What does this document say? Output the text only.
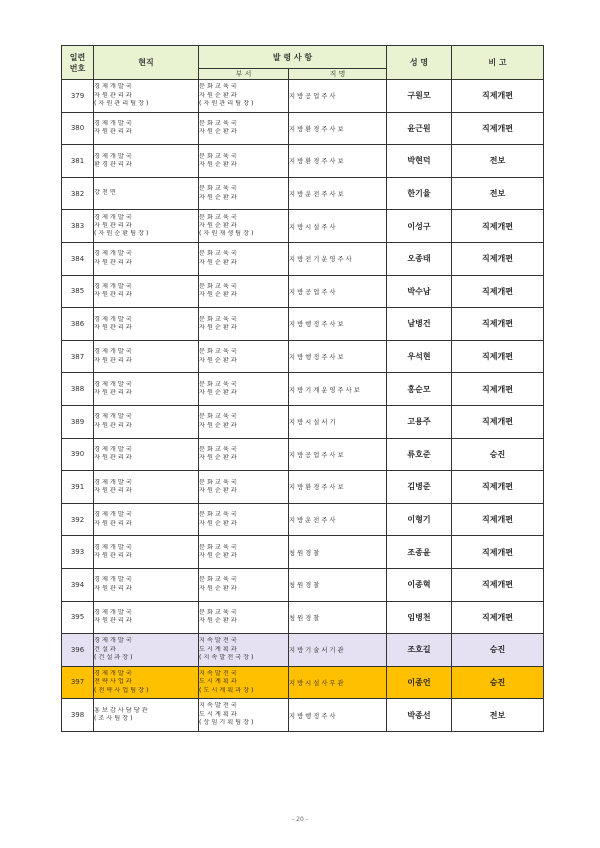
일련
번호	현직	발 령 사 항		성 명	비 고
		부 서	직 명		
379	경 제 개 발 국
자 원 관 리 과
( 자 원 관 리 팀 장 )	문 화 교 육 국
자 원 순 환 과
( 자 원 관 리 팀 장 )	지 방 공 업 주 사	구원모	직제개편
380	경 제 개 발 국
자 원 관 리 과	문 화 교 육 국
자 원 순 환 과	지 방 환 경 주 사 보	윤근원	직제개편
381	경 제 개 발 국
환 경 관 리 과	문 화 교 육 국
자 원 순 환 과	지 방 환 경 주 사 보	박현덕	전보
382	강 천 면	문 화 교 육 국
자 원 순 환 과	지 방 운 전 주 사 보	한기율	전보
383	경 제 개 발 국
자 원 관 리 과
( 자 원 순 환 팀 장 )	문 화 교 육 국
자 원 순 환 과
( 자 원 재 생 팀 장 )	지 방 시 설 주 사	이성구	직제개편
384	경 제 개 발 국
자 원 관 리 과	문 화 교 육 국
자 원 순 환 과	지 방 전 기 운 영 주 사	오종태	직제개편
385	경 제 개 발 국
자 원 관 리 과	문 화 교 육 국
자 원 순 환 과	지 방 공 업 주 사	박수남	직제개편
386	경 제 개 발 국
자 원 관 리 과	문 화 교 육 국
자 원 순 환 과	지 방 행 정 주 사 보	남병건	직제개편
387	경 제 개 발 국
자 원 관 리 과	문 화 교 육 국
자 원 순 환 과	지 방 행 정 주 사 보	우석현	직제개편
388	경 제 개 발 국
자 원 관 리 과	문 화 교 육 국
자 원 순 환 과	지 방 기 계 운 영 주 사 보	홍순모	직제개편
389	경 제 개 발 국
자 원 관 리 과	문 화 교 육 국
자 원 순 환 과	지 방 시 설 서 기	고용주	직제개편
390	경 제 개 발 국
자 원 관 리 과	문 화 교 육 국
자 원 순 환 과	지 방 공 업 주 사 보	류호준	승진
391	경 제 개 발 국
자 원 관 리 과	문 화 교 육 국
자 원 순 환 과	지 방 환 경 주 사 보	김병준	직제개편
392	경 제 개 발 국
자 원 관 리 과	문 화 교 육 국
자 원 순 환 과	지 방 운 전 주 사	이형기	직제개편
393	경 제 개 발 국
자 원 관 리 과	문 화 교 육 국
자 원 순 환 과	청 원 경 찰	조종윤	직제개편
394	경 제 개 발 국
자 원 관 리 과	문 화 교 육 국
자 원 순 환 과	청 원 경 찰	이종혁	직제개편
395	경 제 개 발 국
자 원 관 리 과	문 화 교 육 국
자 원 순 환 과	청 원 경 찰	임병천	직제개편
396	경 제 개 발 국
건 설 과
( 건 설 과 장 )	지 속 발 전 국
도 시 계 획 과
( 지 속 발 전 국 장 )	지 방 기 술 서 기 관	조호길	승진
397	경 제 개 발 국
전 략 사 업 과
( 전 략 사 업 팀 장 )	지 속 발 전 국
도 시 계 획 과
( 도 시 계 획 과 장 )	지 방 시 설 사 무 관	이종언	승진
398	홍 보 감 사 담 당 관
( 조 사 팀 장 )	지 속 발 전 국
도 시 계 획 과
( 상 임 기 획 팀 장 )	지 방 행 정 주 사	박종선	전보
- 20 -
